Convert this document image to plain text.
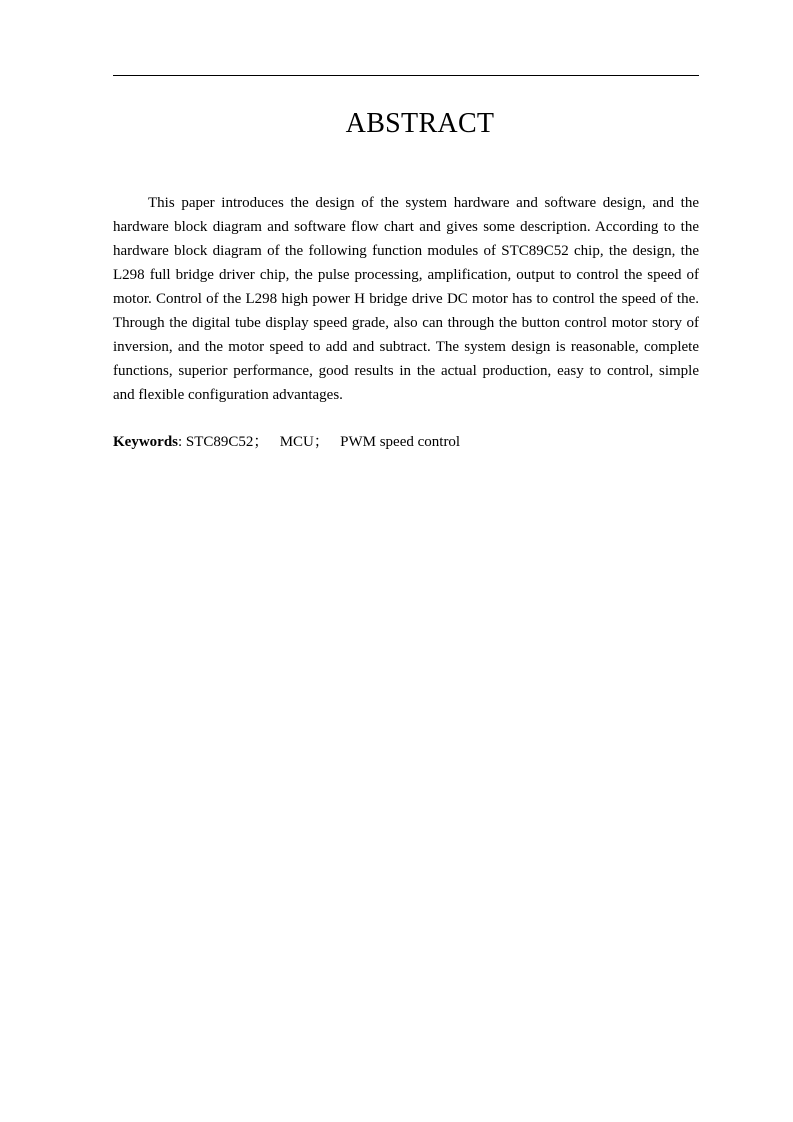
ABSTRACT

This paper introduces the design of the system hardware and software design, and the hardware block diagram and software flow chart and gives some description. According to the hardware block diagram of the following function modules of STC89C52 chip, the design, the L298 full bridge driver chip, the pulse processing, amplification, output to control the speed of motor. Control of the L298 high power H bridge drive DC motor has to control the speed of the. Through the digital tube display speed grade, also can through the button control motor story of inversion, and the motor speed to add and subtract. The system design is reasonable, complete functions, superior performance, good results in the actual production, easy to control, simple and flexible configuration advantages.

Keywords: STC89C52； MCU； PWM speed control
